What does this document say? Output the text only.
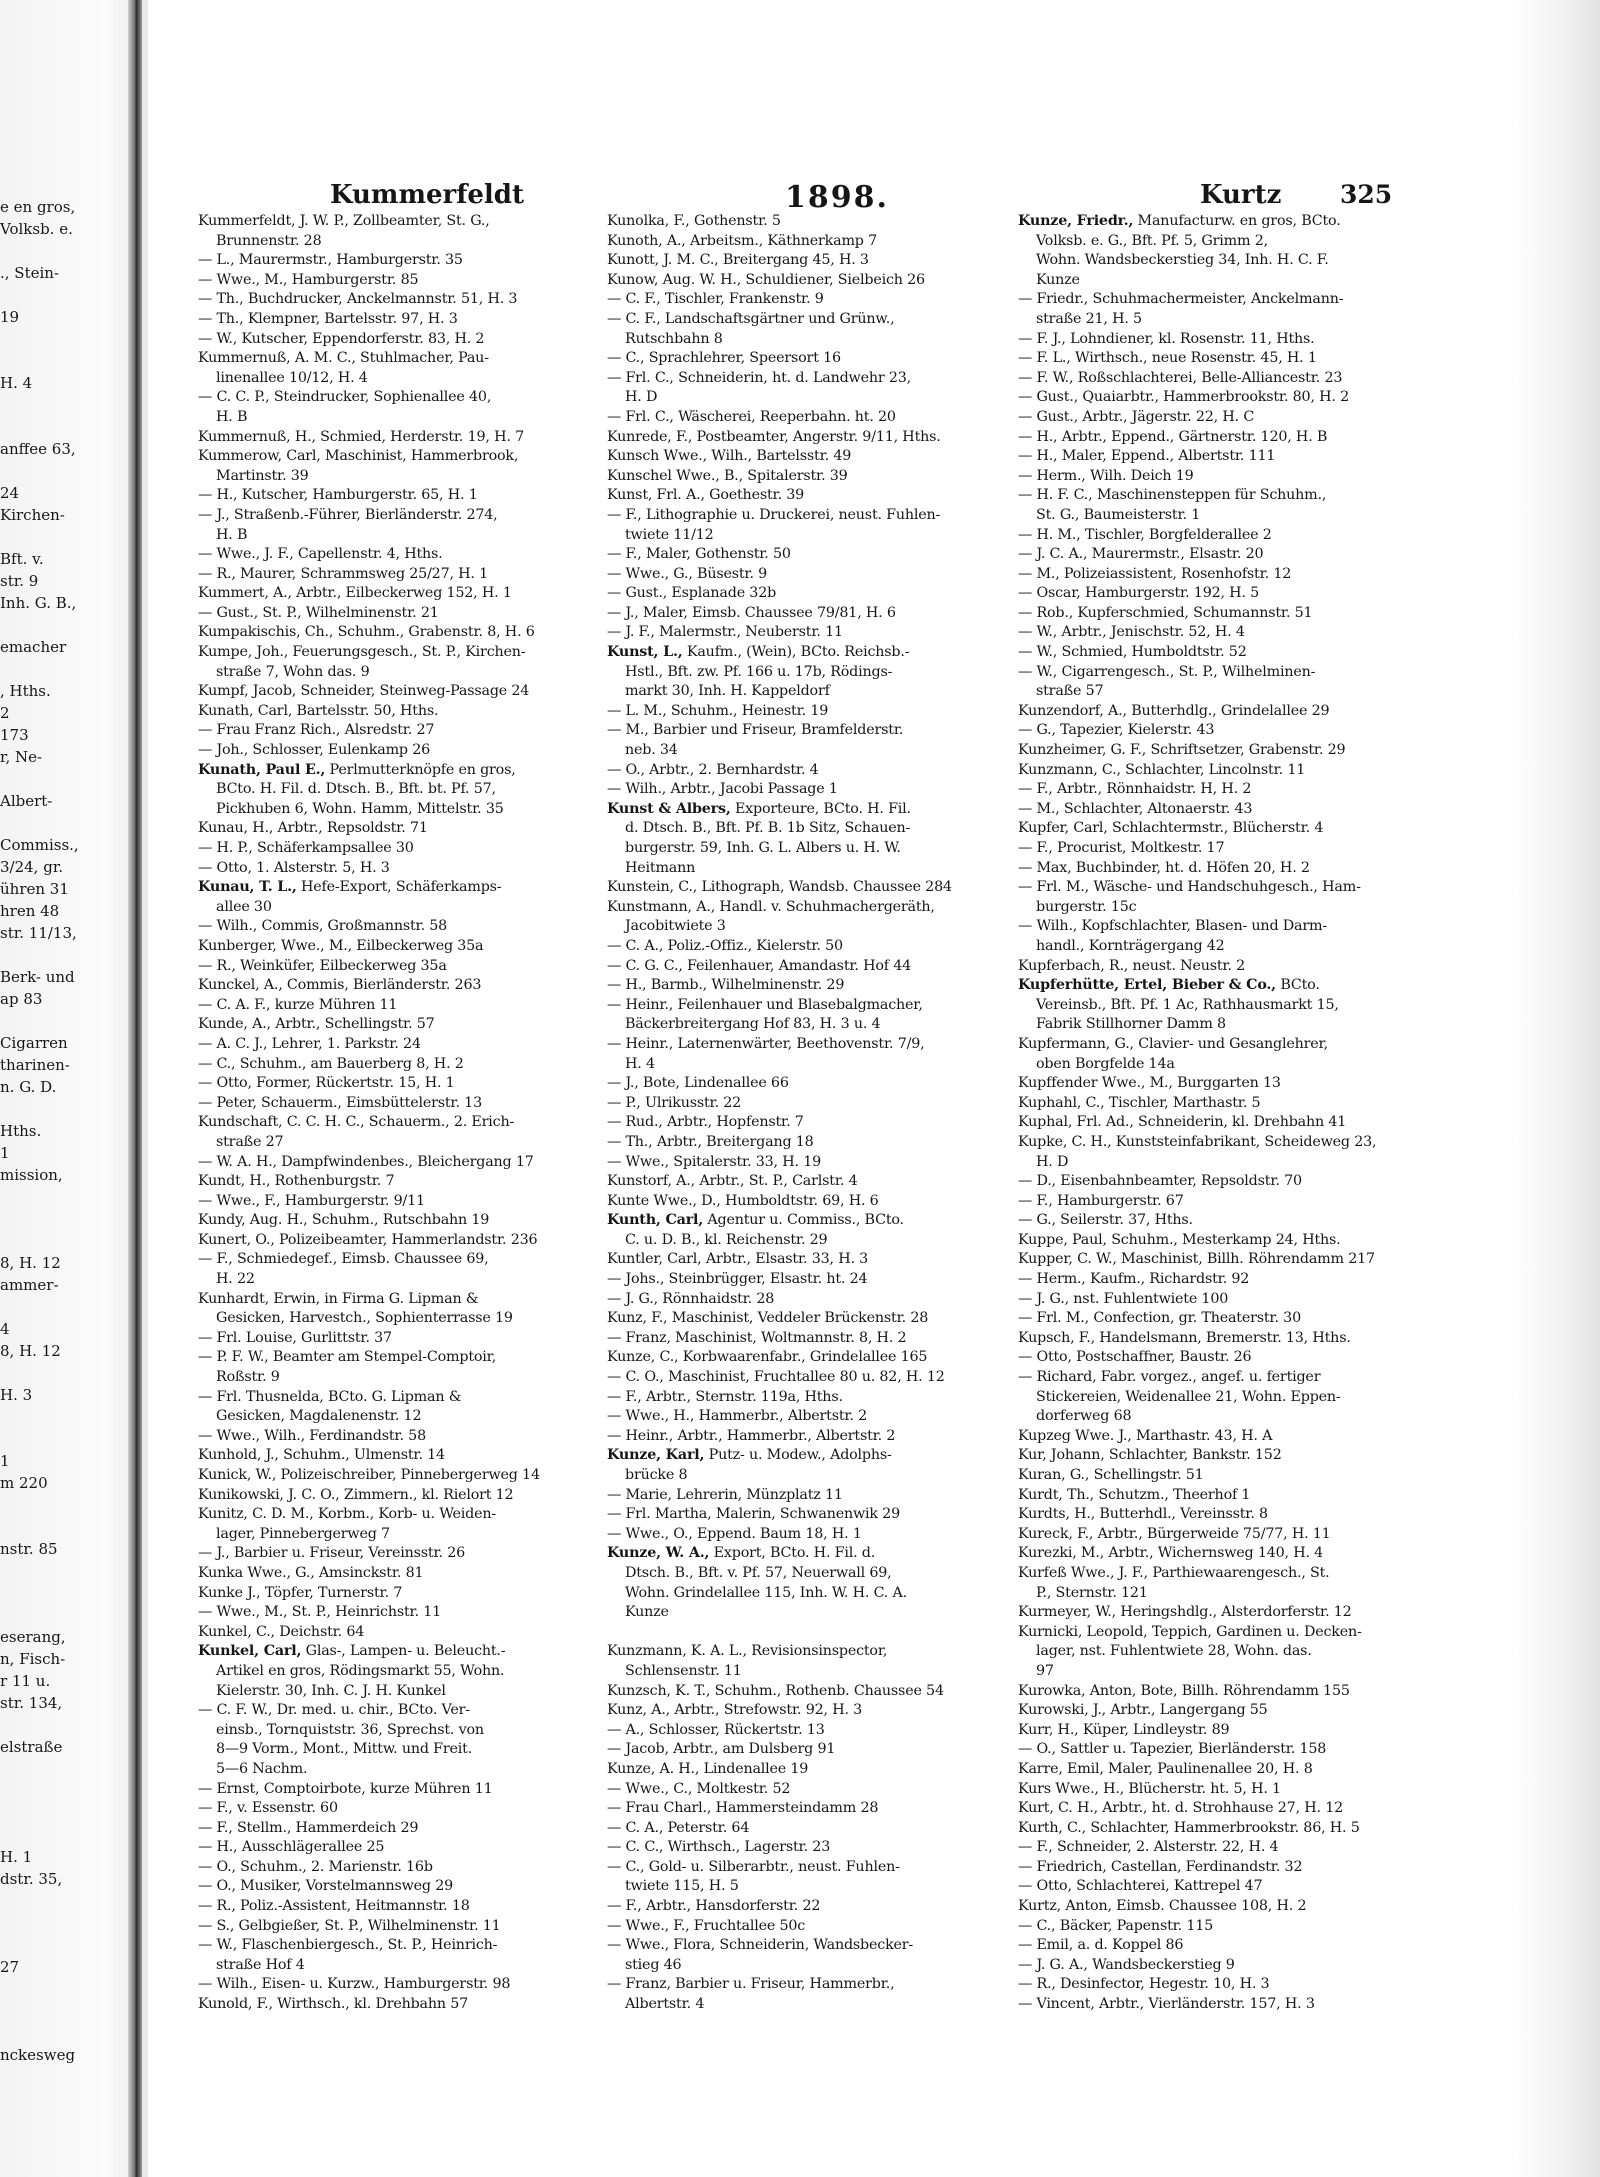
e en gros,
Volksb. e.
., Stein-
19
H. 4
anffee 63,
24
Kirchen-
Bft. v.
str. 9
Inh. G. B.,
emacher
, Hths.
2
173
r, Ne-
Albert-
Commiss.,
3/24, gr.
ühren 31
hren 48
str. 11/13,
Berk- und
ap 83
Cigarren
tharinen-
n. G. D.
Hths.
1
mission,
8, H. 12
ammer-
4
8, H. 12
H. 3
1
m 220
nstr. 85
eserang,
n, Fisch-
r 11 u.
str. 134,
elstraße
H. 1
dstr. 35,
27
nckesweg
Kummerfeldt	1898.	Kurtz 325
Kummerfeldt, J. W. P., Zollbeamter, St. G.,
Brunnenstr. 28
— L., Maurermstr., Hamburgerstr. 35
— Wwe., M., Hamburgerstr. 85
— Th., Buchdrucker, Anckelmannstr. 51, H. 3
— Th., Klempner, Bartelsstr. 97, H. 3
— W., Kutscher, Eppendorferstr. 83, H. 2
Kummernuß, A. M. C., Stuhlmacher, Pau-
linenallee 10/12, H. 4
— C. C. P., Steindrucker, Sophienallee 40,
H. B
Kummernuß, H., Schmied, Herderstr. 19, H. 7
Kummerow, Carl, Maschinist, Hammerbrook,
Martinstr. 39
— H., Kutscher, Hamburgerstr. 65, H. 1
— J., Straßenb.-Führer, Bierländerstr. 274,
H. B
— Wwe., J. F., Capellenstr. 4, Hths.
— R., Maurer, Schrammsweg 25/27, H. 1
Kummert, A., Arbtr., Eilbeckerweg 152, H. 1
— Gust., St. P., Wilhelminenstr. 21
Kumpakischis, Ch., Schuhm., Grabenstr. 8, H. 6
Kumpe, Joh., Feuerungsgesch., St. P., Kirchen-
straße 7, Wohn das. 9
Kumpf, Jacob, Schneider, Steinweg-Passage 24
Kunath, Carl, Bartelsstr. 50, Hths.
— Frau Franz Rich., Alsredstr. 27
— Joh., Schlosser, Eulenkamp 26
Kunath, Paul E., Perlmutterknöpfe en gros,
BCto. H. Fil. d. Dtsch. B., Bft. bt. Pf. 57,
Pickhuben 6, Wohn. Hamm, Mittelstr. 35
Kunau, H., Arbtr., Repsoldstr. 71
— H. P., Schäferkampsallee 30
— Otto, 1. Alsterstr. 5, H. 3
Kunau, T. L., Hefe-Export, Schäferkamps-
allee 30
— Wilh., Commis, Großmannstr. 58
Kunberger, Wwe., M., Eilbeckerweg 35a
— R., Weinküfer, Eilbeckerweg 35a
Kunckel, A., Commis, Bierländerstr. 263
— C. A. F., kurze Mühren 11
Kunde, A., Arbtr., Schellingstr. 57
— A. C. J., Lehrer, 1. Parkstr. 24
— C., Schuhm., am Bauerberg 8, H. 2
— Otto, Former, Rückertstr. 15, H. 1
— Peter, Schauerm., Eimsbüttelerstr. 13
Kundschaft, C. C. H. C., Schauerm., 2. Erich-
straße 27
— W. A. H., Dampfwindenbes., Bleichergang 17
Kundt, H., Rothenburgstr. 7
— Wwe., F., Hamburgerstr. 9/11
Kundy, Aug. H., Schuhm., Rutschbahn 19
Kunert, O., Polizeibeamter, Hammerlandstr. 236
— F., Schmiedegef., Eimsb. Chaussee 69,
H. 22
Kunhardt, Erwin, in Firma G. Lipman &
Gesicken, Harvestch., Sophienterrasse 19
— Frl. Louise, Gurlittstr. 37
— P. F. W., Beamter am Stempel-Comptoir,
Roßstr. 9
— Frl. Thusnelda, BCto. G. Lipman &
Gesicken, Magdalenenstr. 12
— Wwe., Wilh., Ferdinandstr. 58
Kunhold, J., Schuhm., Ulmenstr. 14
Kunick, W., Polizeischreiber, Pinnebergerweg 14
Kunikowski, J. C. O., Zimmern., kl. Rielort 12
Kunitz, C. D. M., Korbm., Korb- u. Weiden-
lager, Pinnebergerweg 7
— J., Barbier u. Friseur, Vereinsstr. 26
Kunka Wwe., G., Amsinckstr. 81
Kunke J., Töpfer, Turnerstr. 7
— Wwe., M., St. P., Heinrichstr. 11
Kunkel, C., Deichstr. 64
Kunkel, Carl, Glas-, Lampen- u. Beleucht.-
Artikel en gros, Rödingsmarkt 55, Wohn.
Kielerstr. 30, Inh. C. J. H. Kunkel
— C. F. W., Dr. med. u. chir., BCto. Ver-
einsb., Tornquiststr. 36, Sprechst. von
8—9 Vorm., Mont., Mittw. und Freit.
5—6 Nachm.
— Ernst, Comptoirbote, kurze Mühren 11
— F., v. Essenstr. 60
— F., Stellm., Hammerdeich 29
— H., Ausschlägerallee 25
— O., Schuhm., 2. Marienstr. 16b
— O., Musiker, Vorstelmannsweg 29
— R., Poliz.-Assistent, Heitmannstr. 18
— S., Gelbgießer, St. P., Wilhelminenstr. 11
— W., Flaschenbiergesch., St. P., Heinrich-
straße Hof 4
— Wilh., Eisen- u. Kurzw., Hamburgerstr. 98
Kunold, F., Wirthsch., kl. Drehbahn 57
Kunolka, F., Gothenstr. 5
Kunoth, A., Arbeitsm., Käthnerkamp 7
Kunott, J. M. C., Breitergang 45, H. 3
Kunow, Aug. W. H., Schuldiener, Sielbeich 26
— C. F., Tischler, Frankenstr. 9
— C. F., Landschaftsgärtner und Grünw.,
Rutschbahn 8
— C., Sprachlehrer, Speersort 16
— Frl. C., Schneiderin, ht. d. Landwehr 23,
H. D
— Frl. C., Wäscherei, Reeperbahn. ht. 20
Kunrede, F., Postbeamter, Angerstr. 9/11, Hths.
Kunsch Wwe., Wilh., Bartelsstr. 49
Kunschel Wwe., B., Spitalerstr. 39
Kunst, Frl. A., Goethestr. 39
— F., Lithographie u. Druckerei, neust. Fuhlen-
twiete 11/12
— F., Maler, Gothenstr. 50
— Wwe., G., Büsestr. 9
— Gust., Esplanade 32b
— J., Maler, Eimsb. Chaussee 79/81, H. 6
— J. F., Malermstr., Neuberstr. 11
Kunst, L., Kaufm., (Wein), BCto. Reichsb.-
Hstl., Bft. zw. Pf. 166 u. 17b, Rödings-
markt 30, Inh. H. Kappeldorf
— L. M., Schuhm., Heinestr. 19
— M., Barbier und Friseur, Bramfelderstr.
neb. 34
— O., Arbtr., 2. Bernhardstr. 4
— Wilh., Arbtr., Jacobi Passage 1
Kunst & Albers, Exporteure, BCto. H. Fil.
d. Dtsch. B., Bft. Pf. B. 1b Sitz, Schauen-
burgerstr. 59, Inh. G. L. Albers u. H. W.
Heitmann
Kunstein, C., Lithograph, Wandsb. Chaussee 284
Kunstmann, A., Handl. v. Schuhmachergeräth,
Jacobitwiete 3
— C. A., Poliz.-Offiz., Kielerstr. 50
— C. G. C., Feilenhauer, Amandastr. Hof 44
— H., Barmb., Wilhelminenstr. 29
— Heinr., Feilenhauer und Blasebalgmacher,
Bäckerbreitergang Hof 83, H. 3 u. 4
— Heinr., Laternenwärter, Beethovenstr. 7/9,
H. 4
— J., Bote, Lindenallee 66
— P., Ulrikusstr. 22
— Rud., Arbtr., Hopfenstr. 7
— Th., Arbtr., Breitergang 18
— Wwe., Spitalerstr. 33, H. 19
Kunstorf, A., Arbtr., St. P., Carlstr. 4
Kunte Wwe., D., Humboldtstr. 69, H. 6
Kunth, Carl, Agentur u. Commiss., BCto.
C. u. D. B., kl. Reichenstr. 29
Kuntler, Carl, Arbtr., Elsastr. 33, H. 3
— Johs., Steinbrügger, Elsastr. ht. 24
— J. G., Rönnhaidstr. 28
Kunz, F., Maschinist, Veddeler Brückenstr. 28
— Franz, Maschinist, Woltmannstr. 8, H. 2
Kunze, C., Korbwaarenfabr., Grindelallee 165
— C. O., Maschinist, Fruchtallee 80 u. 82, H. 12
— F., Arbtr., Sternstr. 119a, Hths.
— Wwe., H., Hammerbr., Albertstr. 2
— Heinr., Arbtr., Hammerbr., Albertstr. 2
Kunze, Karl, Putz- u. Modew., Adolphs-
brücke 8
— Marie, Lehrerin, Münzplatz 11
— Frl. Martha, Malerin, Schwanenwik 29
— Wwe., O., Eppend. Baum 18, H. 1
Kunze, W. A., Export, BCto. H. Fil. d.
Dtsch. B., Bft. v. Pf. 57, Neuerwall 69,
Wohn. Grindelallee 115, Inh. W. H. C. A.
Kunze

Kunzmann, K. A. L., Revisionsinspector,
Schlensenstr. 11
Kunzsch, K. T., Schuhm., Rothenb. Chaussee 54
Kunz, A., Arbtr., Strefowstr. 92, H. 3
— A., Schlosser, Rückertstr. 13
— Jacob, Arbtr., am Dulsberg 91
Kunze, A. H., Lindenallee 19
— Wwe., C., Moltkestr. 52
— Frau Charl., Hammersteindamm 28
— C. A., Peterstr. 64
— C. C., Wirthsch., Lagerstr. 23
— C., Gold- u. Silberarbtr., neust. Fuhlen-
twiete 115, H. 5
— F., Arbtr., Hansdorferstr. 22
— Wwe., F., Fruchtallee 50c
— Wwe., Flora, Schneiderin, Wandsbecker-
stieg 46
— Franz, Barbier u. Friseur, Hammerbr.,
Albertstr. 4
Kunze, Friedr., Manufacturw. en gros, BCto.
Volksb. e. G., Bft. Pf. 5, Grimm 2,
Wohn. Wandsbeckerstieg 34, Inh. H. C. F.
Kunze
— Friedr., Schuhmachermeister, Anckelmann-
straße 21, H. 5
— F. J., Lohndiener, kl. Rosenstr. 11, Hths.
— F. L., Wirthsch., neue Rosenstr. 45, H. 1
— F. W., Roßschlachterei, Belle-Alliancestr. 23
— Gust., Quaiarbtr., Hammerbrookstr. 80, H. 2
— Gust., Arbtr., Jägerstr. 22, H. C
— H., Arbtr., Eppend., Gärtnerstr. 120, H. B
— H., Maler, Eppend., Albertstr. 111
— Herm., Wilh. Deich 19
— H. F. C., Maschinensteppen für Schuhm.,
St. G., Baumeisterstr. 1
— H. M., Tischler, Borgfelderallee 2
— J. C. A., Maurermstr., Elsastr. 20
— M., Polizeiassistent, Rosenhofstr. 12
— Oscar, Hamburgerstr. 192, H. 5
— Rob., Kupferschmied, Schumannstr. 51
— W., Arbtr., Jenischstr. 52, H. 4
— W., Schmied, Humboldtstr. 52
— W., Cigarrengesch., St. P., Wilhelminen-
straße 57
Kunzendorf, A., Butterhdlg., Grindelallee 29
— G., Tapezier, Kielerstr. 43
Kunzheimer, G. F., Schriftsetzer, Grabenstr. 29
Kunzmann, C., Schlachter, Lincolnstr. 11
— F., Arbtr., Rönnhaidstr. H, H. 2
— M., Schlachter, Altonaerstr. 43
Kupfer, Carl, Schlachtermstr., Blücherstr. 4
— F., Procurist, Moltkestr. 17
— Max, Buchbinder, ht. d. Höfen 20, H. 2
— Frl. M., Wäsche- und Handschuhgesch., Ham-
burgerstr. 15c
— Wilh., Kopfschlachter, Blasen- und Darm-
handl., Kornträgergang 42
Kupferbach, R., neust. Neustr. 2
Kupferhütte, Ertel, Bieber & Co., BCto.
Vereinsb., Bft. Pf. 1 Ac, Rathhausmarkt 15,
Fabrik Stillhorner Damm 8
Kupfermann, G., Clavier- und Gesanglehrer,
oben Borgfelde 14a
Kupffender Wwe., M., Burggarten 13
Kuphahl, C., Tischler, Marthastr. 5
Kuphal, Frl. Ad., Schneiderin, kl. Drehbahn 41
Kupke, C. H., Kunststeinfabrikant, Scheideweg 23,
H. D
— D., Eisenbahnbeamter, Repsoldstr. 70
— F., Hamburgerstr. 67
— G., Seilerstr. 37, Hths.
Kuppe, Paul, Schuhm., Mesterkamp 24, Hths.
Kupper, C. W., Maschinist, Billh. Röhrendamm 217
— Herm., Kaufm., Richardstr. 92
— J. G., nst. Fuhlentwiete 100
— Frl. M., Confection, gr. Theaterstr. 30
Kupsch, F., Handelsmann, Bremerstr. 13, Hths.
— Otto, Postschaffner, Baustr. 26
— Richard, Fabr. vorgez., angef. u. fertiger
Stickereien, Weidenallee 21, Wohn. Eppen-
dorferweg 68
Kupzeg Wwe. J., Marthastr. 43, H. A
Kur, Johann, Schlachter, Bankstr. 152
Kuran, G., Schellingstr. 51
Kurdt, Th., Schutzm., Theerhof 1
Kurdts, H., Butterhdl., Vereinsstr. 8
Kureck, F., Arbtr., Bürgerweide 75/77, H. 11
Kurezki, M., Arbtr., Wichernsweg 140, H. 4
Kurfeß Wwe., J. F., Parthiewaarengesch., St.
P., Sternstr. 121
Kurmeyer, W., Heringshdlg., Alsterdorferstr. 12
Kurnicki, Leopold, Teppich, Gardinen u. Decken-
lager, nst. Fuhlentwiete 28, Wohn. das.
97
Kurowka, Anton, Bote, Billh. Röhrendamm 155
Kurowski, J., Arbtr., Langergang 55
Kurr, H., Küper, Lindleystr. 89
— O., Sattler u. Tapezier, Bierländerstr. 158
Karre, Emil, Maler, Paulinenallee 20, H. 8
Kurs Wwe., H., Blücherstr. ht. 5, H. 1
Kurt, C. H., Arbtr., ht. d. Strohhause 27, H. 12
Kurth, C., Schlachter, Hammerbrookstr. 86, H. 5
— F., Schneider, 2. Alsterstr. 22, H. 4
— Friedrich, Castellan, Ferdinandstr. 32
— Otto, Schlachterei, Kattrepel 47
Kurtz, Anton, Eimsb. Chaussee 108, H. 2
— C., Bäcker, Papenstr. 115
— Emil, a. d. Koppel 86
— J. G. A., Wandsbeckerstieg 9
— R., Desinfector, Hegestr. 10, H. 3
— Vincent, Arbtr., Vierländerstr. 157, H. 3
